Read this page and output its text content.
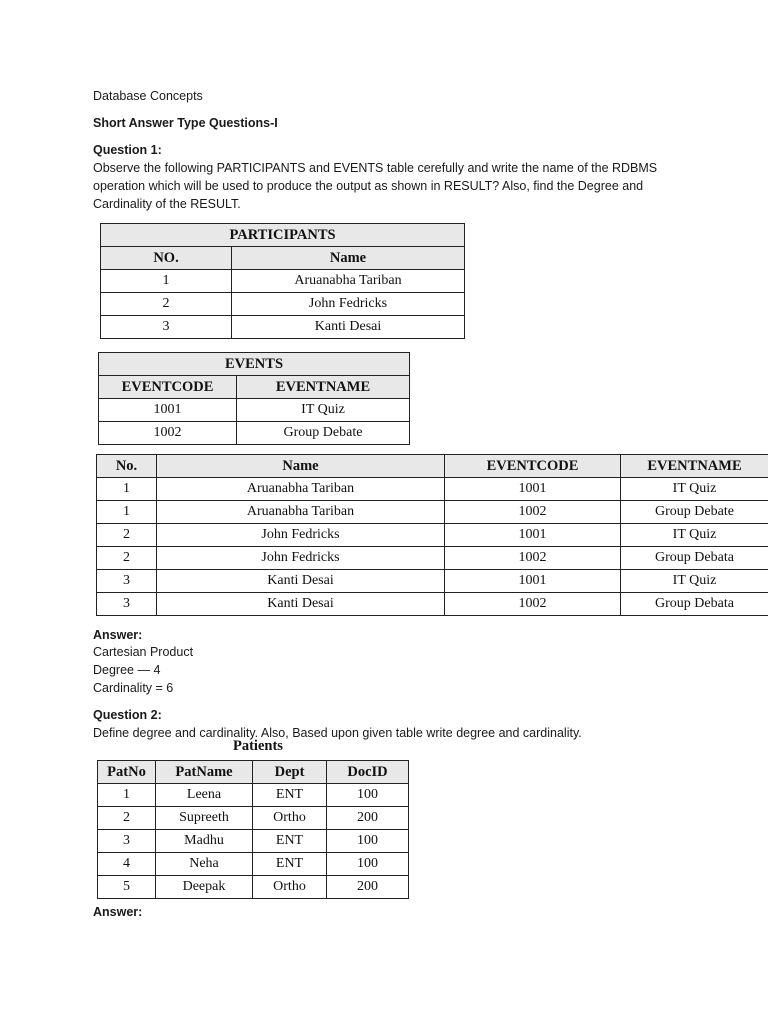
Database Concepts
Short Answer Type Questions-I
Question 1:
Observe the following PARTICIPANTS and EVENTS table cerefully and write the name of the RDBMS
operation which will be used to produce the output as shown in RESULT? Also, find the Degree and
Cardinality of the RESULT.
PARTICIPANTS	
NO.	Name
1	Aruanabha Tariban
2	John Fedricks
3	Kanti Desai
EVENTS	
EVENTCODE	EVENTNAME
1001	IT Quiz
1002	Group Debate
No.	Name	EVENTCODE	EVENTNAME
1	Aruanabha Tariban	1001	IT Quiz
1	Aruanabha Tariban	1002	Group Debate
2	John Fedricks	1001	IT Quiz
2	John Fedricks	1002	Group Debata
3	Kanti Desai	1001	IT Quiz
3	Kanti Desai	1002	Group Debata
Answer:
Cartesian Product
Degree — 4
Cardinality = 6
Question 2:
Define degree and cardinality. Also, Based upon given table write degree and cardinality.
Patients
PatNo	PatName	Dept	DocID
1	Leena	ENT	100
2	Supreeth	Ortho	200
3	Madhu	ENT	100
4	Neha	ENT	100
5	Deepak	Ortho	200
Answer:
